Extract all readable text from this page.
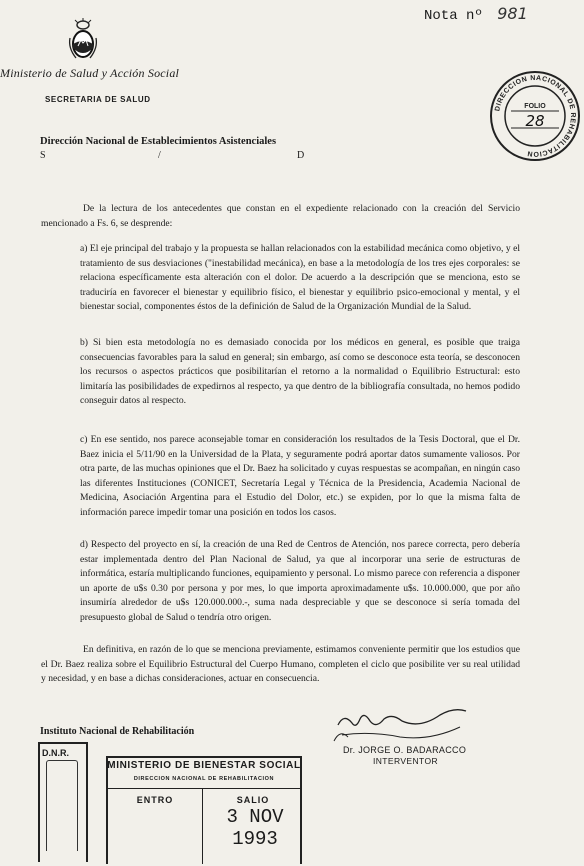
Nota nº 981
Ministerio de Salud y Acción Social
SECRETARIA DE SALUD
DIRECCION NACIONAL DE REHABILITACION
FOLIO
28
Dirección Nacional de Establecimientos Asistenciales
S	/	D

De la lectura de los antecedentes que constan en el expediente relacionado con la creación del Servicio mencionado a Fs. 6, se desprende:

a) El eje principal del trabajo y la propuesta se hallan relacionados con la estabilidad mecánica como objetivo, y el tratamiento de sus desviaciones ("inestabilidad mecánica), en base a la metodología de los tres ejes corporales: se relaciona específicamente esta alteración con el dolor. De acuerdo a la descripción que se menciona, esto se traduciría en favorecer el bienestar y equilibrio físico, el bienestar y equilibrio psico-emocional y mental, y el bienestar social, componentes éstos de la definición de Salud de la Organización Mundial de la Salud.

b) Si bien esta metodología no es demasiado conocida por los médicos en general, es posible que traiga consecuencias favorables para la salud en general; sin embargo, así como se desconoce esta teoría, se desconocen los recursos o aspectos prácticos que posibilitarían el retorno a la normalidad o Equilibrio Estructural: esto limitaría las posibilidades de expedirnos al respecto, ya que dentro de la bibliografía consultada, no hemos podido conseguir datos al respecto.

c) En ese sentido, nos parece aconsejable tomar en consideración los resultados de la Tesis Doctoral, que el Dr. Baez inicia el 5/11/90 en la Universidad de la Plata, y seguramente podrá aportar datos sumamente valiosos. Por otra parte, de las muchas opiniones que el Dr. Baez ha solicitado y cuyas respuestas se acompañan, en ningún caso las diferentes Instituciones (CONICET, Secretaría Legal y Técnica de la Presidencia, Academia Nacional de Medicina, Asociación Argentina para el Estudio del Dolor, etc.) se expiden, por lo que la misma falta de información parece impedir tomar una posición en todos los casos.

d) Respecto del proyecto en sí, la creación de una Red de Centros de Atención, nos parece correcta, pero debería estar implementada dentro del Plan Nacional de Salud, ya que al incorporar una serie de estructuras de informática, estaría multiplicando funciones, equipamiento y personal. Lo mismo parece con referencia a disponer un aporte de u$s 0.30 por persona y por mes, lo que importa aproximadamente u$s. 10.000.000, que por año insumiría alrededor de u$s 120.000.000.-, suma nada despreciable y que se desconoce si sería tomada del presupuesto global de Salud o tendría otro origen.

En definitiva, en razón de lo que se menciona previamente, estimamos conveniente permitir que los estudios que el Dr. Baez realiza sobre el Equilibrio Estructural del Cuerpo Humano, completen el ciclo que posibilite ver su real utilidad y necesidad, y en base a dichas consideraciones, actuar en consecuencia.

Instituto Nacional de Rehabilitación
Dr. JORGE O. BADARACCO
INTERVENTOR
D.N.R.
MINISTERIO DE BIENESTAR SOCIAL
DIRECCION NACIONAL DE REHABILITACION
ENTRO	SALIO
3 NOV 1993
